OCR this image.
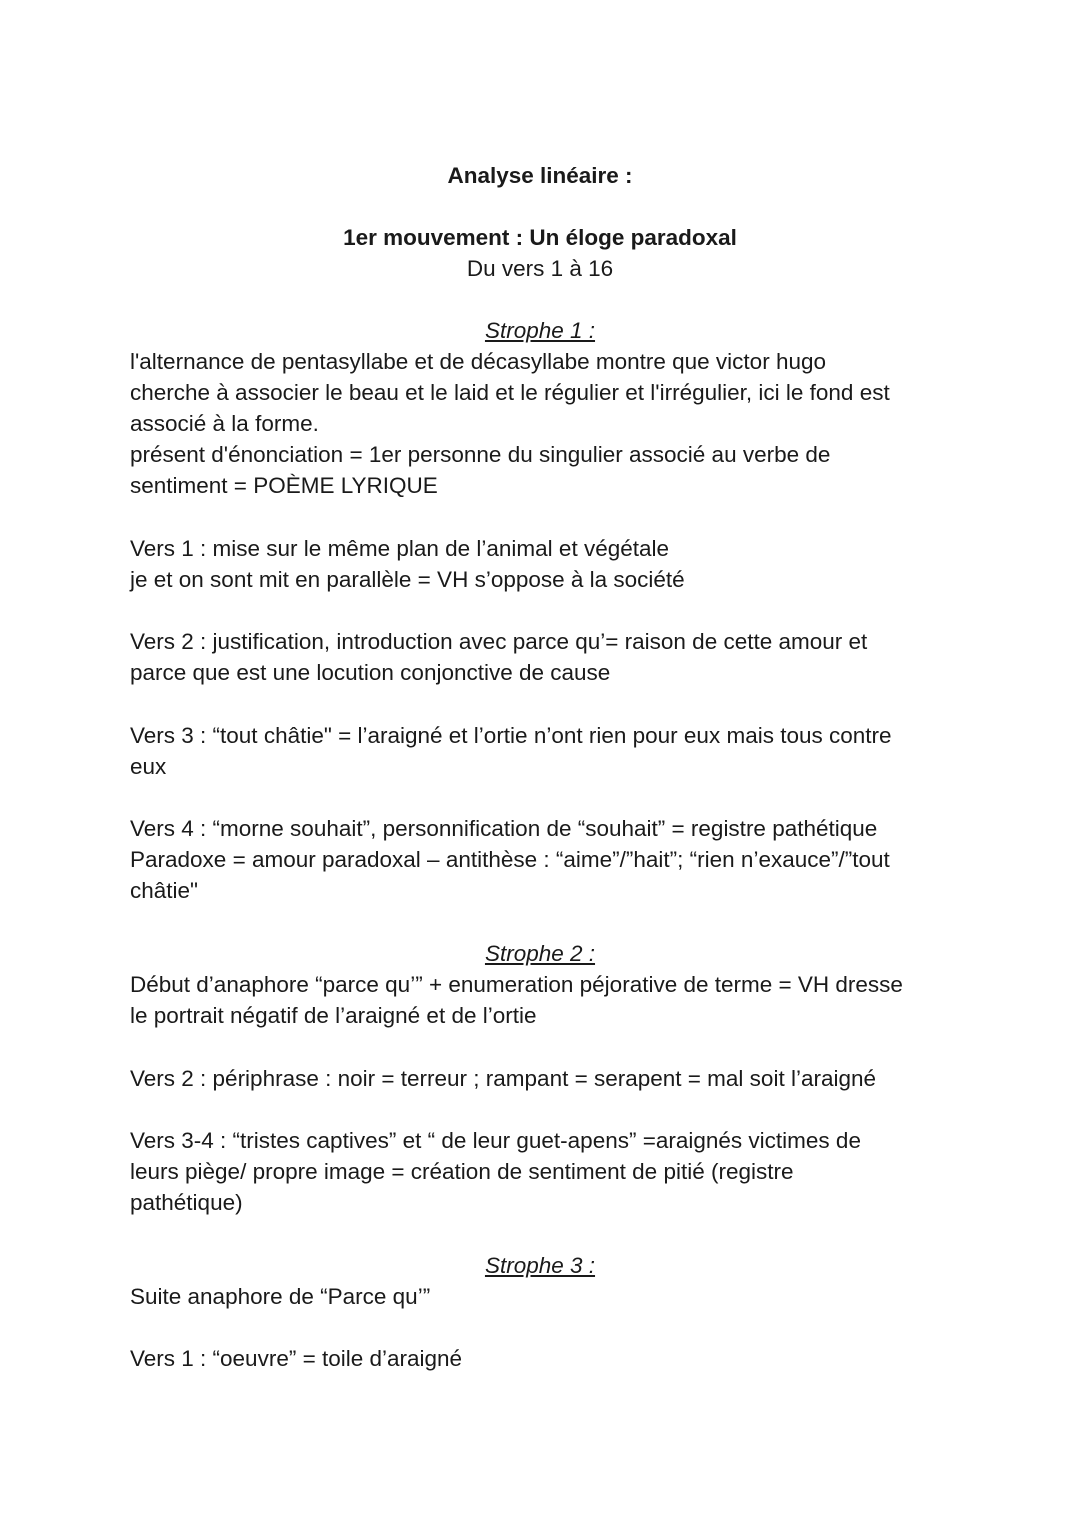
Analyse linéaire :
1er mouvement : Un éloge paradoxal
Du vers 1 à 16
Strophe 1 :
l'alternance de pentasyllabe et de décasyllabe montre que victor hugo
cherche à associer le beau et le laid et le régulier et l'irrégulier, ici le fond est
associé à la forme.
présent d'énonciation = 1er personne du singulier associé au verbe de
sentiment = POÈME LYRIQUE
Vers 1 : mise sur le même plan de l’animal et végétale
je et on sont mit en parallèle = VH s’oppose à la société
Vers 2 : justification, introduction avec parce qu’= raison de cette amour et
parce que est une locution conjonctive de cause
Vers 3 : “tout châtie" = l’araigné et l’ortie n’ont rien pour eux mais tous contre
eux
Vers 4 : “morne souhait”, personnification de “souhait” = registre pathétique
Paradoxe = amour paradoxal – antithèse : “aime”/”hait”; “rien n’exauce”/”tout
châtie"
Strophe 2 :
Début d’anaphore “parce qu’” + enumeration péjorative de terme = VH dresse
le portrait négatif de l’araigné et de l’ortie
Vers 2 : périphrase : noir = terreur ; rampant = serapent = mal soit l’araigné
Vers 3-4 : “tristes captives” et “ de leur guet-apens” =araignés victimes de
leurs piège/ propre image = création de sentiment de pitié (registre
pathétique)
Strophe 3 :
Suite anaphore de “Parce qu’”
Vers 1 : “oeuvre” = toile d’araigné
